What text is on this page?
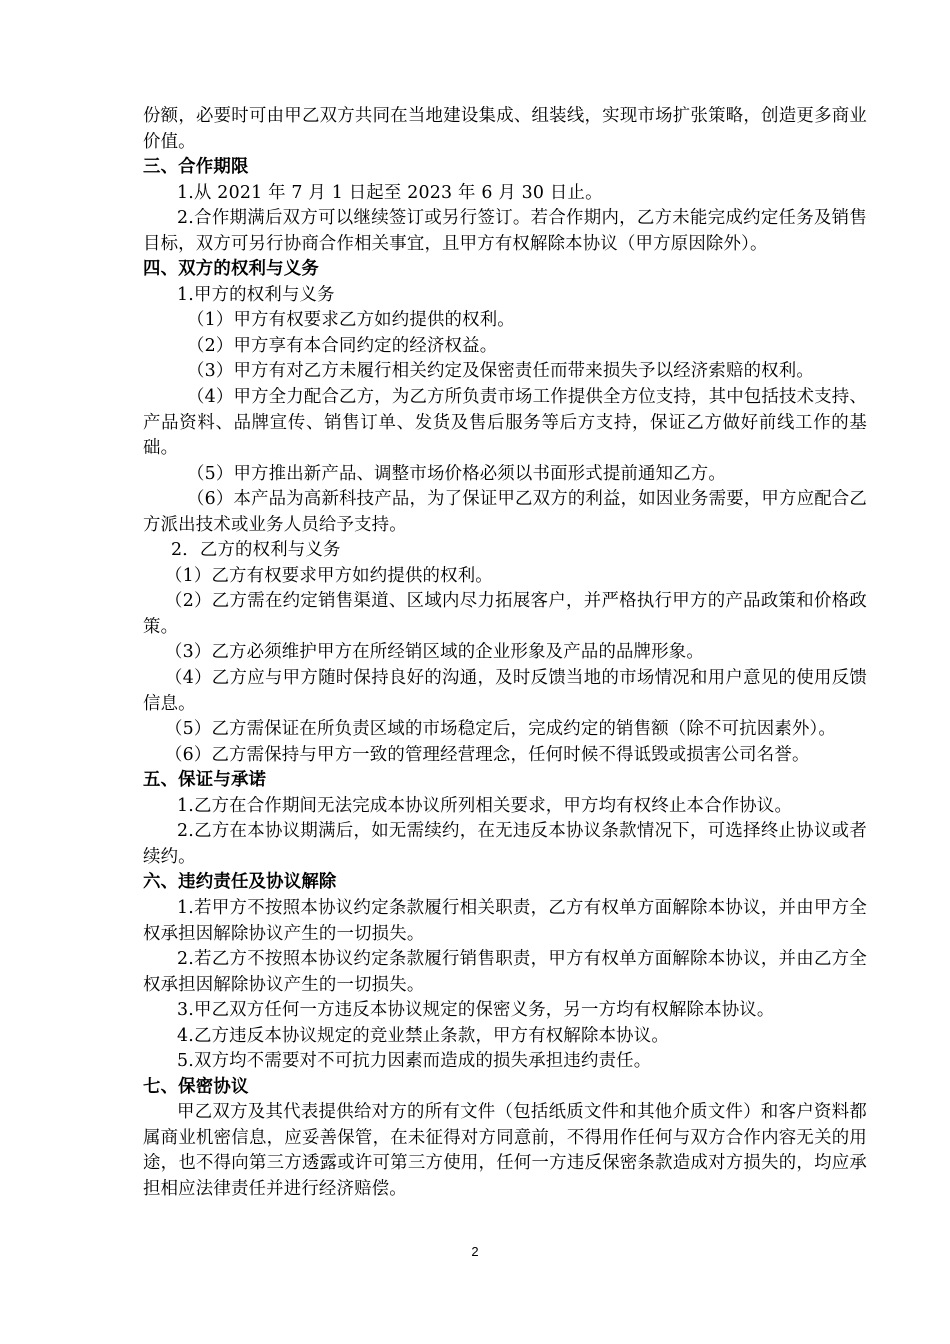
份额，必要时可由甲乙双方共同在当地建设集成、组装线，实现市场扩张策略，创造更多商业价值。

三、合作期限

1.从 2021 年 7 月 1 日起至 2023 年 6 月 30 日止。

2.合作期满后双方可以继续签订或另行签订。若合作期内，乙方未能完成约定任务及销售目标，双方可另行协商合作相关事宜，且甲方有权解除本协议（甲方原因除外）。

四、双方的权利与义务

1.甲方的权利与义务

（1）甲方有权要求乙方如约提供的权利。

（2）甲方享有本合同约定的经济权益。

（3）甲方有对乙方未履行相关约定及保密责任而带来损失予以经济索赔的权利。

（4）甲方全力配合乙方，为乙方所负责市场工作提供全方位支持，其中包括技术支持、产品资料、品牌宣传、销售订单、发货及售后服务等后方支持，保证乙方做好前线工作的基础。

（5）甲方推出新产品、调整市场价格必须以书面形式提前通知乙方。

（6）本产品为高新科技产品，为了保证甲乙双方的利益，如因业务需要，甲方应配合乙方派出技术或业务人员给予支持。

2．乙方的权利与义务

（1）乙方有权要求甲方如约提供的权利。

（2）乙方需在约定销售渠道、区域内尽力拓展客户，并严格执行甲方的产品政策和价格政策。

（3）乙方必须维护甲方在所经销区域的企业形象及产品的品牌形象。

（4）乙方应与甲方随时保持良好的沟通，及时反馈当地的市场情况和用户意见的使用反馈信息。

（5）乙方需保证在所负责区域的市场稳定后，完成约定的销售额（除不可抗因素外）。

（6）乙方需保持与甲方一致的管理经营理念，任何时候不得诋毁或损害公司名誉。

五、保证与承诺

1.乙方在合作期间无法完成本协议所列相关要求，甲方均有权终止本合作协议。

2.乙方在本协议期满后，如无需续约，在无违反本协议条款情况下，可选择终止协议或者续约。

六、违约责任及协议解除

1.若甲方不按照本协议约定条款履行相关职责，乙方有权单方面解除本协议，并由甲方全权承担因解除协议产生的一切损失。

2.若乙方不按照本协议约定条款履行销售职责，甲方有权单方面解除本协议，并由乙方全权承担因解除协议产生的一切损失。

3.甲乙双方任何一方违反本协议规定的保密义务，另一方均有权解除本协议。

4.乙方违反本协议规定的竞业禁止条款，甲方有权解除本协议。

5.双方均不需要对不可抗力因素而造成的损失承担违约责任。

七、保密协议

甲乙双方及其代表提供给对方的所有文件（包括纸质文件和其他介质文件）和客户资料都属商业机密信息，应妥善保管，在未征得对方同意前，不得用作任何与双方合作内容无关的用途，也不得向第三方透露或许可第三方使用，任何一方违反保密条款造成对方损失的，均应承担相应法律责任并进行经济赔偿。

2
